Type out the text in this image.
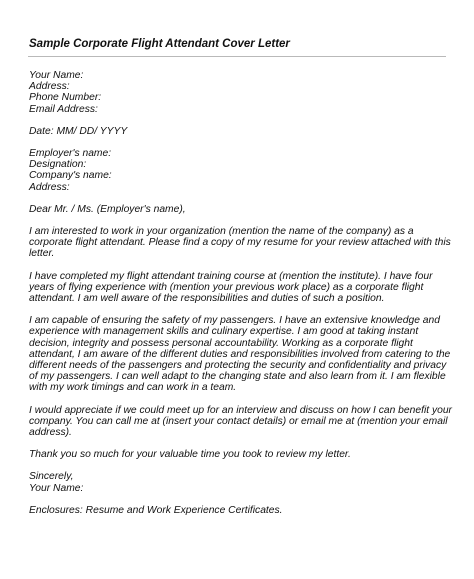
Sample Corporate Flight Attendant Cover Letter

Your Name:
Address:
Phone Number:
Email Address:

Date: MM/ DD/ YYYY

Employer's name:
Designation:
Company's name:
Address:

Dear Mr. / Ms. (Employer's name),

I am interested to work in your organization (mention the name of the company) as a corporate flight attendant. Please find a copy of my resume for your review attached with this letter.

I have completed my flight attendant training course at (mention the institute). I have four years of flying experience with (mention your previous work place) as a corporate flight attendant. I am well aware of the responsibilities and duties of such a position.

I am capable of ensuring the safety of my passengers. I have an extensive knowledge and experience with management skills and culinary expertise. I am good at taking instant decision, integrity and possess personal accountability. Working as a corporate flight attendant, I am aware of the different duties and responsibilities involved from catering to the different needs of the passengers and protecting the security and confidentiality and privacy of my passengers. I can well adapt to the changing state and also learn from it. I am flexible with my work timings and can work in a team.

I would appreciate if we could meet up for an interview and discuss on how I can benefit your company. You can call me at (insert your contact details) or email me at (mention your email address).

Thank you so much for your valuable time you took to review my letter.

Sincerely,
Your Name:

Enclosures: Resume and Work Experience Certificates.
